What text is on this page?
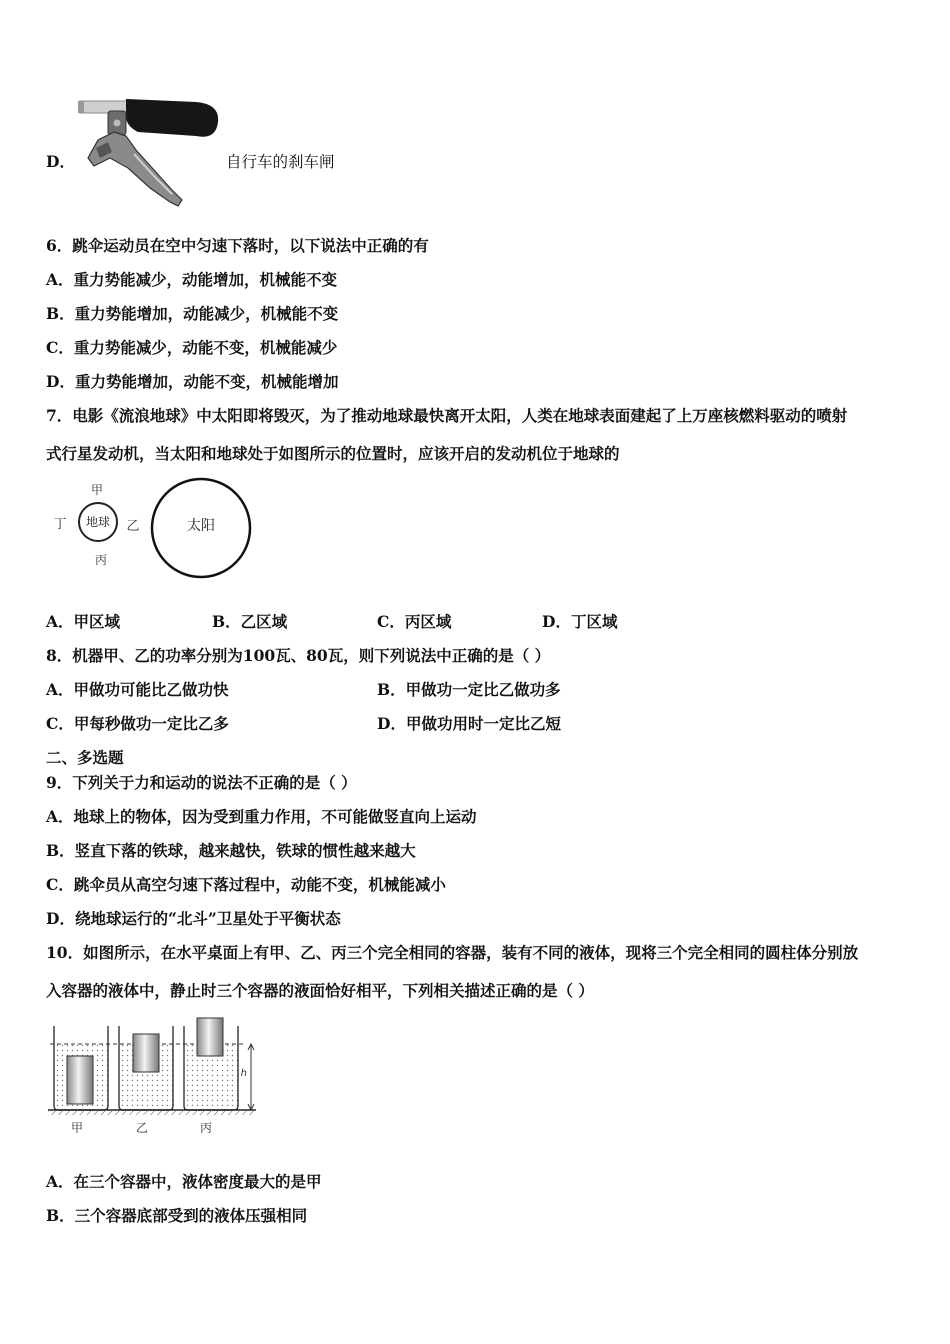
D．	自行车的刹车闸
6．跳伞运动员在空中匀速下落时，以下说法中正确的有
A．重力势能减少，动能增加，机械能不变
B．重力势能增加，动能减少，机械能不变
C．重力势能减少，动能不变，机械能减少
D．重力势能增加，动能不变，机械能增加
7．电影《流浪地球》中太阳即将毁灭，为了推动地球最快离开太阳，人类在地球表面建起了上万座核燃料驱动的喷射
式行星发动机，当太阳和地球处于如图所示的位置时，应该开启的发动机位于地球的
地球
甲
乙
丙
丁	太阳
A．甲区域	B．乙区域	C．丙区域	D．丁区域
8．机器甲、乙的功率分别为100瓦、80瓦，则下列说法中正确的是（ ）
A．甲做功可能比乙做功快	B．甲做功一定比乙做功多
C．甲每秒做功一定比乙多	D．甲做功用时一定比乙短
二、多选题
9．下列关于力和运动的说法不正确的是（ ）
A．地球上的物体，因为受到重力作用，不可能做竖直向上运动
B．竖直下落的铁球，越来越快，铁球的惯性越来越大
C．跳伞员从高空匀速下落过程中，动能不变，机械能减小
D．绕地球运行的“北斗”卫星处于平衡状态
10．如图所示，在水平桌面上有甲、乙、丙三个完全相同的容器，装有不同的液体，现将三个完全相同的圆柱体分别放
入容器的液体中，静止时三个容器的液面恰好相平，下列相关描述正确的是（ ）
h
甲	乙	丙
A．在三个容器中，液体密度最大的是甲
B．三个容器底部受到的液体压强相同
